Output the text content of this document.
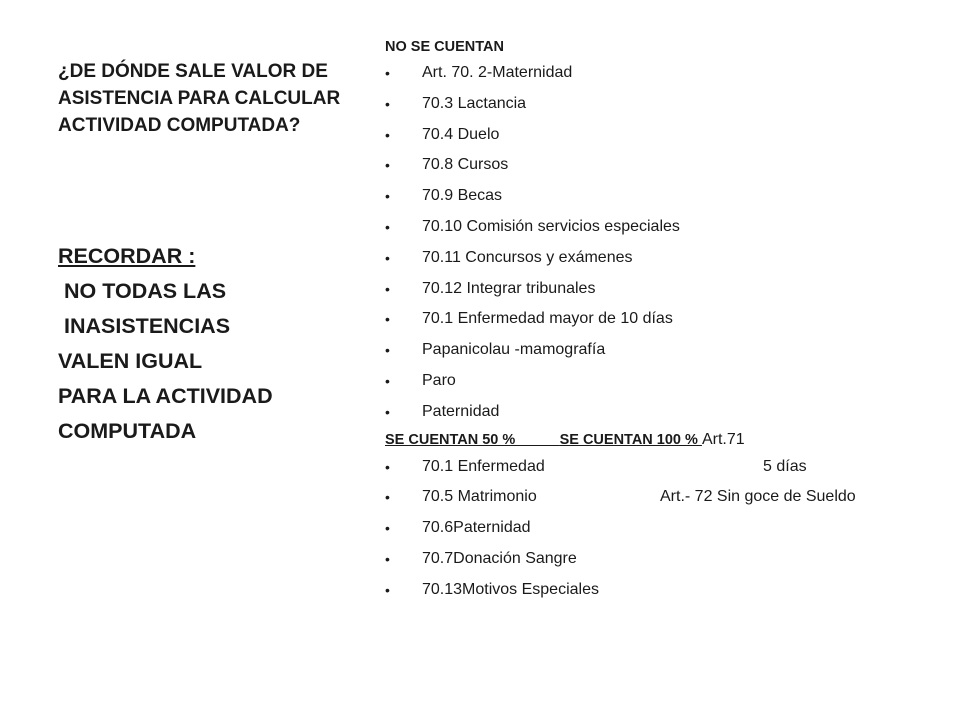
¿DE DÓNDE SALE VALOR DE ASISTENCIA PARA CALCULAR ACTIVIDAD COMPUTADA?

RECORDAR :
NO TODAS LAS INASISTENCIAS
VALEN IGUAL
PARA LA ACTIVIDAD COMPUTADA
NO SE CUENTAN
• Art. 70. 2-Maternidad
• 70.3 Lactancia
• 70.4 Duelo
• 70.8 Cursos
• 70.9 Becas
• 70.10 Comisión servicios especiales
• 70.11 Concursos y exámenes
• 70.12 Integrar tribunales
• 70.1 Enfermedad mayor de 10 días
• Papanicolau -mamografía
• Paro
• Paternidad
SE CUENTAN 50 %           SE CUENTAN 100 % Art.71
• 70.1 Enfermedad	5 días
• 70.5 Matrimonio	Art.- 72 Sin goce de Sueldo
• 70.6Paternidad
• 70.7Donación Sangre
• 70.13Motivos Especiales
